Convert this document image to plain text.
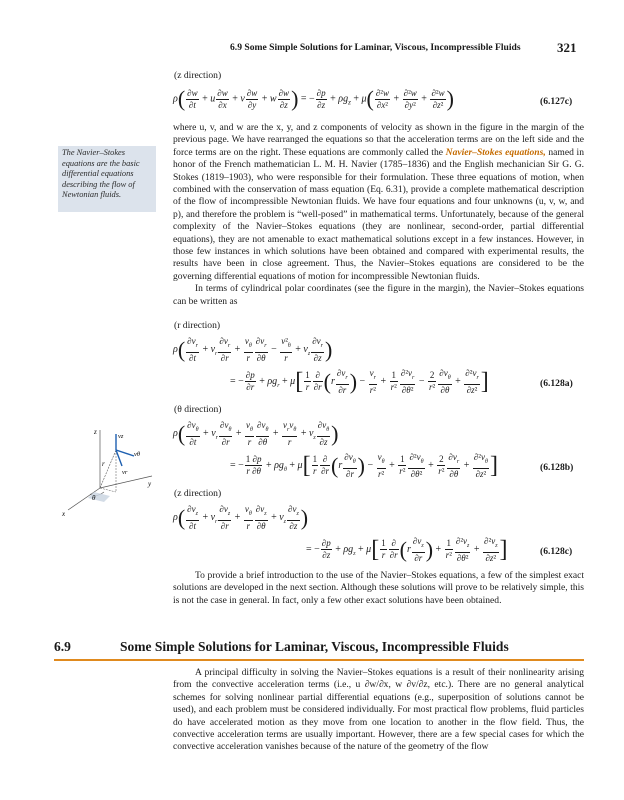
6.9 Some Simple Solutions for Laminar, Viscous, Incompressible Fluids	321
(z direction)
$\rho( \frac{\partial w}{\partial t} + u \frac{\partial w}{\partial x} + v \frac{\partial w}{\partial y} + w \frac{\partial w}{\partial z}$ ) = − $\frac{\partial p}{\partial z} + \rho g_z + \mu( \frac{\text{∂²w}}{\text{∂x²}} + \frac{\text{∂²w}}{\text{∂y²}} + \frac{\text{∂²w}}{\text{∂z²}}$ )	(6.127c)

where u, v, and w are the x, y, and z components of velocity as shown in the figure in the margin of the previous page. We have rearranged the equations so that the acceleration terms are on the left side and the force terms are on the right. These equations are commonly called the Navier–Stokes equations, named in honor of the French mathematician L. M. H. Navier (1785–1836) and the English mechanician Sir G. G. Stokes (1819–1903), who were responsible for their formulation. These three equations of motion, when combined with the conservation of mass equation (Eq. 6.31), provide a complete mathematical description of the flow of incompressible Newtonian fluids. We have four equations and four unknowns (u, v, w, and p), and therefore the problem is “well-posed” in mathematical terms. Unfortunately, because of the general complexity of the Navier–Stokes equations (they are nonlinear, second-order, partial differential equations), they are not amenable to exact mathematical solutions except in a few instances. However, in those few instances in which solutions have been obtained and compared with experimental results, the results have been in close agreement. Thus, the Navier–Stokes equations are considered to be the governing differential equations of motion for incompressible Newtonian fluids.

In terms of cylindrical polar coordinates (see the figure in the margin), the Navier–Stokes equations can be written as

The Navier–Stokes equations are the basic differential equations describing the flow of Newtonian fluids.
(r direction)
$\rho( \frac{\partial v_r}{\partial t} + v_r \frac{\partial v_r}{\partial r} + \frac{v_\theta}{r} \frac{\partial v_r}{\partial\theta} - \frac{v^2_\theta}{r} + v_z \frac{\partial v_r}{\partial z}$ )
= − $\frac{\partial p}{\partial r} + \rho g_r + \mu[ \frac{1}{r} \frac{\partial}{\partial r} (r \frac{\partial v_r}{\partial r}$ ) − $\frac{v_r}{\text{r²}} + \frac{1}{\text{r²}} \frac{\partial^2v_r}{\text{∂θ²}} - \frac{2}{\text{r²}} \frac{\partial v_\theta}{\partial\theta} + \frac{\partial^2v_r}{\text{∂z²}}$ ]	(6.128a)
(θ direction)
$\rho( \frac{\partial v_\theta}{\partial t} + v_r \frac{\partial v_\theta}{\partial r} + \frac{v_\theta}{r} \frac{\partial v_\theta}{\partial\theta} + \frac{v_rv_\theta}{r} + v_z \frac{\partial v_\theta}{\partial z}$ )
= − $\frac{1 \partial p}{r \partial\theta} + \rho g_\theta + \mu[ \frac{1}{r} \frac{\partial}{\partial r} (r \frac{\partial v_\theta}{\partial r}$ ) − $\frac{v_\theta}{\text{r²}} + \frac{1}{\text{r²}} \frac{\partial^2v_\theta}{\text{∂θ²}} + \frac{2}{\text{r²}} \frac{\partial v_r}{\partial\theta} + \frac{\partial^2v_\theta}{\text{∂z²}}$ ]	(6.128b)
(z direction)
$\rho( \frac{\partial v_z}{\partial t} + v_r \frac{\partial v_z}{\partial r} + \frac{v_\theta}{r} \frac{\partial v_z}{\partial\theta} + v_z \frac{\partial v_z}{\partial z}$ )
= − $\frac{\partial p}{\partial z} + \rho g_z + \mu[ \frac{1}{r} \frac{\partial}{\partial r} (r \frac{\partial v_z}{\partial r}$ ) + $\frac{1}{\text{r²}} \frac{\partial^2v_z}{\text{∂θ²}} + \frac{\partial^2v_z}{\text{∂z²}}$ ]	(6.128c)
z
y
x
r
vz
vθ
vr
θ
To provide a brief introduction to the use of the Navier–Stokes equations, a few of the simplest exact solutions are developed in the next section. Although these solutions will prove to be relatively simple, this is not the case in general. In fact, only a few other exact solutions have been obtained.
6.9	Some Simple Solutions for Laminar, Viscous, Incompressible Fluids
A principal difficulty in solving the Navier–Stokes equations is a result of their nonlinearity arising from the convective acceleration terms (i.e., u ∂w/∂x, w ∂v/∂z, etc.). There are no general analytical schemes for solving nonlinear partial differential equations (e.g., superposition of solutions cannot be used), and each problem must be considered individually. For most practical flow problems, fluid particles do have accelerated motion as they move from one location to another in the flow field. Thus, the convective acceleration terms are usually important. However, there are a few special cases for which the convective acceleration vanishes because of the nature of the geometry of the flow
